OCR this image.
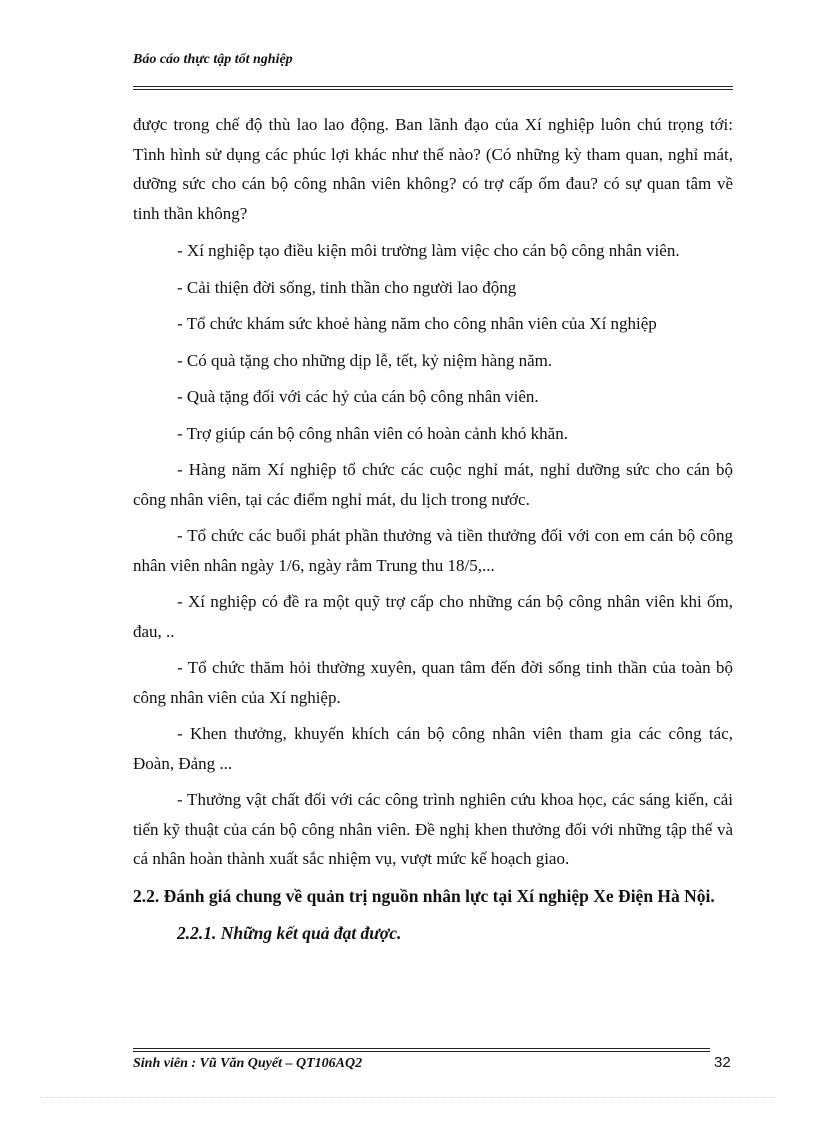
Báo cáo thực tập tốt nghiệp

được trong chế độ thù lao lao động. Ban lãnh đạo của Xí nghiệp luôn chú trọng tới: Tình hình sử dụng các phúc lợi khác như thế nào? (Có những kỳ tham quan, nghỉ mát, dưỡng sức cho cán bộ công nhân viên không? có trợ cấp ốm đau? có sự quan tâm về tinh thần không?

- Xí nghiệp tạo điều kiện môi trường làm việc cho cán bộ công nhân viên.

- Cải thiện đời sống, tinh thần cho người lao động

- Tổ chức khám sức khoẻ hàng năm cho công nhân viên của Xí nghiệp

- Có quà tặng cho những dịp lễ, tết, kỷ niệm hàng năm.

- Quà tặng đối với các hỷ của cán bộ công nhân viên.

- Trợ giúp cán bộ công nhân viên có hoàn cảnh khó khăn.

- Hàng năm Xí nghiệp tổ chức các cuộc nghỉ mát, nghỉ dưỡng sức cho cán bộ công nhân viên, tại các điểm nghỉ mát, du lịch trong nước.

- Tổ chức các buổi phát phần thưởng và tiền thưởng đối với con em cán bộ công nhân viên nhân ngày 1/6, ngày rằm Trung thu 18/5,...

- Xí nghiệp có đề ra một quỹ trợ cấp cho những cán bộ công nhân viên khi ốm, đau, ..

- Tổ chức thăm hỏi thường xuyên, quan tâm đến đời sống tinh thần của toàn bộ công nhân viên của Xí nghiệp.

- Khen thưởng, khuyến khích cán bộ công nhân viên tham gia các công tác, Đoàn, Đảng ...

- Thưởng vật chất đối với các công trình nghiên cứu khoa học, các sáng kiến, cải tiến kỹ thuật của cán bộ công nhân viên. Đề nghị khen thưởng đối với những tập thể và cá nhân hoàn thành xuất sắc nhiệm vụ, vượt mức kế hoạch giao.

2.2. Đánh giá chung về quản trị nguồn nhân lực tại Xí nghiệp Xe Điện Hà Nội.

2.2.1. Những kết quả đạt được.

Sinh viên : Vũ Văn Quyết – QT106AQ2	32
